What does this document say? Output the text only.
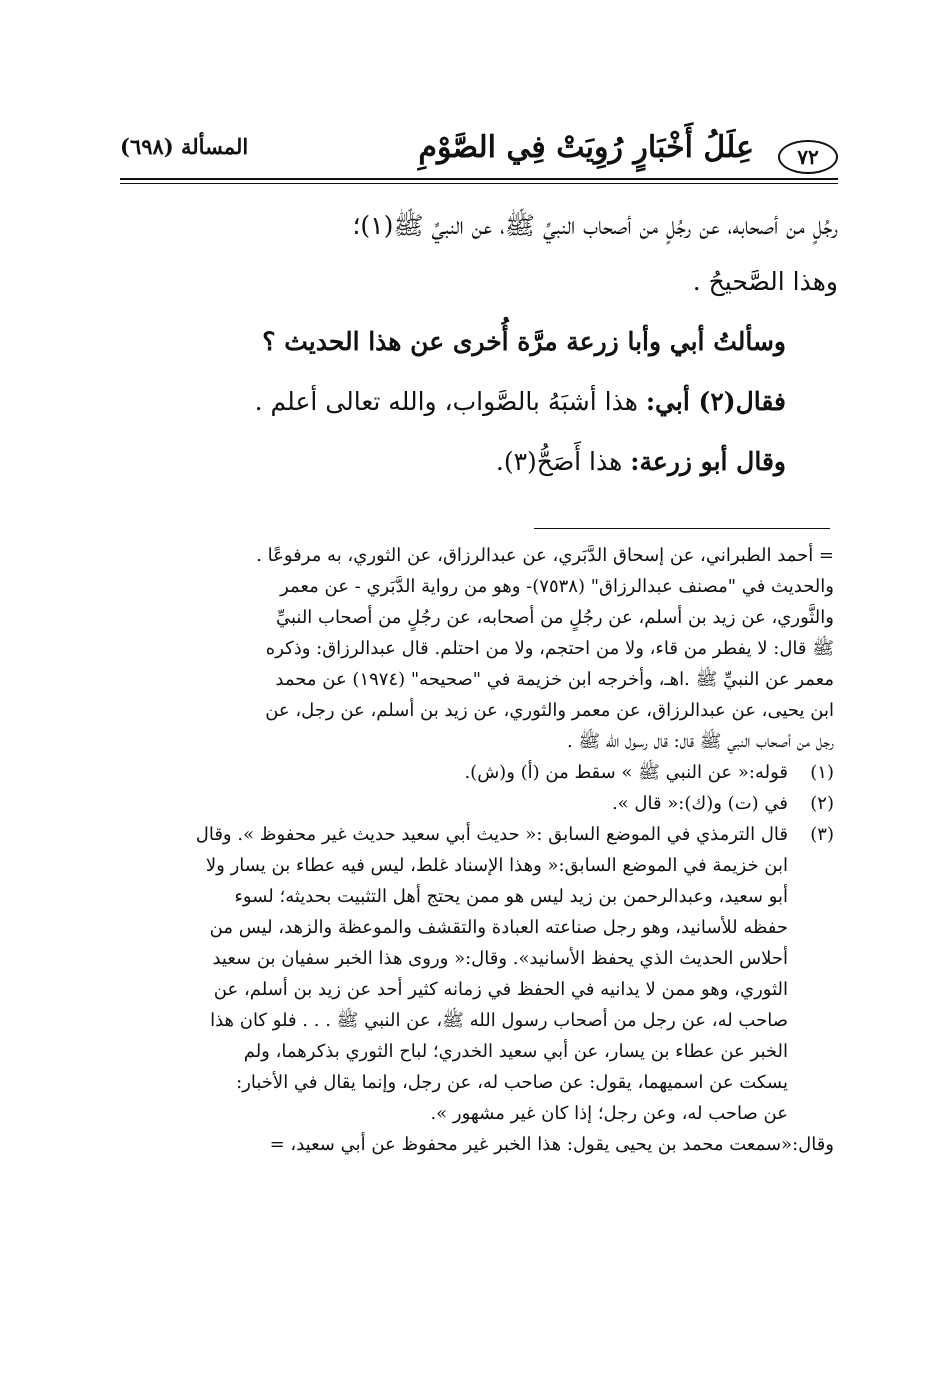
٧٢
عِلَلُ أَخْبَارٍ رُوِيَتْ فِي الصَّوْمِ
المسألة (٦٩٨)
رجُلٍ من أصحابه، عن رجُلٍ من أصحاب النبيِّ ﷺ، عن النبيِّ ﷺ(١)؛
وهذا الصَّحيحُ .
وسألتُ أبي وأبا زرعة مرَّة أُخرى عن هذا الحديث ؟
فقال(٢) أبي: هذا أشبَهُ بالصَّواب، والله تعالى أعلم .
وقال أبو زرعة: هذا أَصَحُّ(٣).
= أحمد الطبراني، عن إسحاق الدَّبَري، عن عبدالرزاق، عن الثوري، به مرفوعًا .
والحديث في "مصنف عبدالرزاق" (٧٥٣٨)- وهو من رواية الدَّبَري - عن معمر
والثَّوري، عن زيد بن أسلم، عن رجُلٍ من أصحابه، عن رجُلٍ من أصحاب النبيِّ
ﷺ قال: لا يفطر من قاء، ولا من احتجم، ولا من احتلم. قال عبدالرزاق: وذكره
معمر عن النبيِّ ﷺ .اهـ، وأخرجه ابن خزيمة في "صحيحه" (١٩٧٤) عن محمد
ابن يحيى، عن عبدالرزاق، عن معمر والثوري، عن زيد بن أسلم، عن رجل، عن
رجل من أصحاب النبي ﷺ قال: قال رسول الله ﷺ .
(١)
قوله:« عن النبي ﷺ » سقط من (أ) و(ش).
(٢)
في (ت) و(ك):« قال ».
(٣)
قال الترمذي في الموضع السابق :« حديث أبي سعيد حديث غير محفوظ ». وقال
ابن خزيمة في الموضع السابق:« وهذا الإسناد غلط، ليس فيه عطاء بن يسار ولا
أبو سعيد، وعبدالرحمن بن زيد ليس هو ممن يحتج أهل التثبيت بحديثه؛ لسوء
حفظه للأسانيد، وهو رجل صناعته العبادة والتقشف والموعظة والزهد، ليس من
أحلاس الحديث الذي يحفظ الأسانيد». وقال:« وروى هذا الخبر سفيان بن سعيد
الثوري، وهو ممن لا يدانيه في الحفظ في زمانه كثير أحد عن زيد بن أسلم، عن
صاحب له، عن رجل من أصحاب رسول الله ﷺ، عن النبي ﷺ . . . فلو كان هذا
الخبر عن عطاء بن يسار، عن أبي سعيد الخدري؛ لباح الثوري بذكرهما، ولم
يسكت عن اسميهما، يقول: عن صاحب له، عن رجل، وإنما يقال في الأخبار:
عن صاحب له، وعن رجل؛ إذا كان غير مشهور ».
وقال:«سمعت محمد بن يحيى يقول: هذا الخبر غير محفوظ عن أبي سعيد، =
